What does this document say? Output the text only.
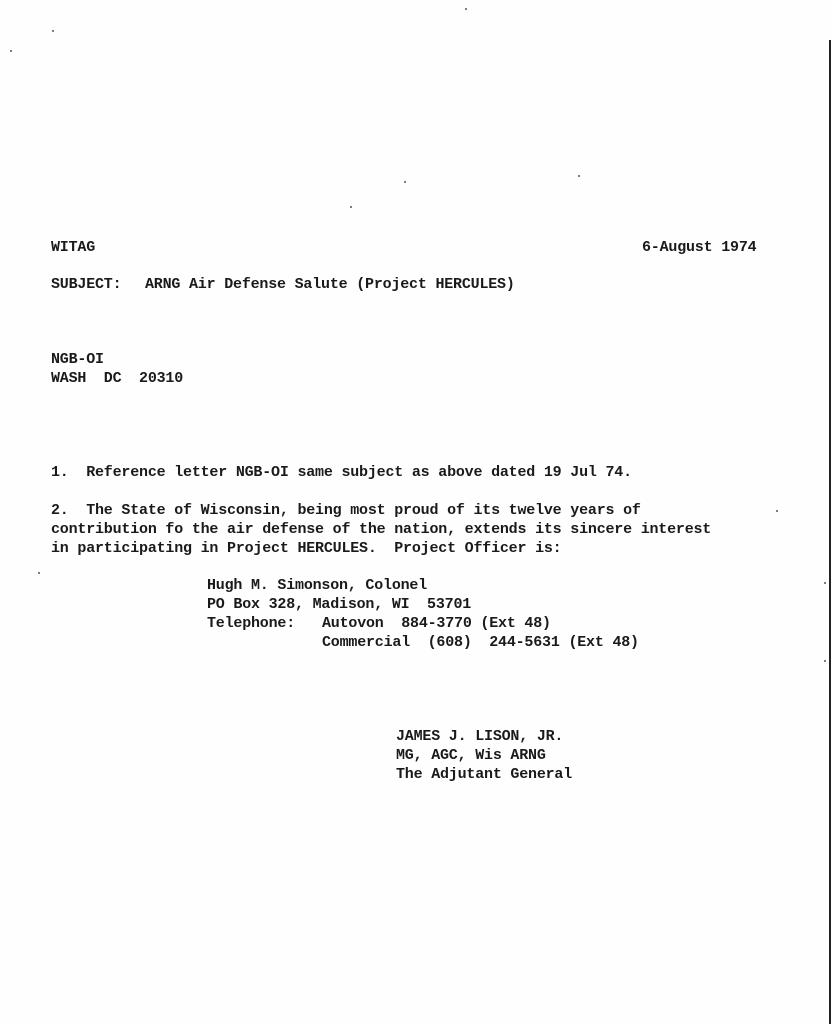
WITAG	6-August 1974
SUBJECT: ARNG Air Defense Salute (Project HERCULES)
NGB-OI
WASH  DC  20310
1.  Reference letter NGB-OI same subject as above dated 19 Jul 74.
2.  The State of Wisconsin, being most proud of its twelve years of
contribution fo the air defense of the nation, extends its sincere interest
in participating in Project HERCULES.  Project Officer is:
Hugh M. Simonson, Colonel
PO Box 328, Madison, WI  53701
Telephone: Autovon  884-3770 (Ext 48)
Commercial  (608)  244-5631 (Ext 48)
JAMES J. LISON, JR.
MG, AGC, Wis ARNG
The Adjutant General
